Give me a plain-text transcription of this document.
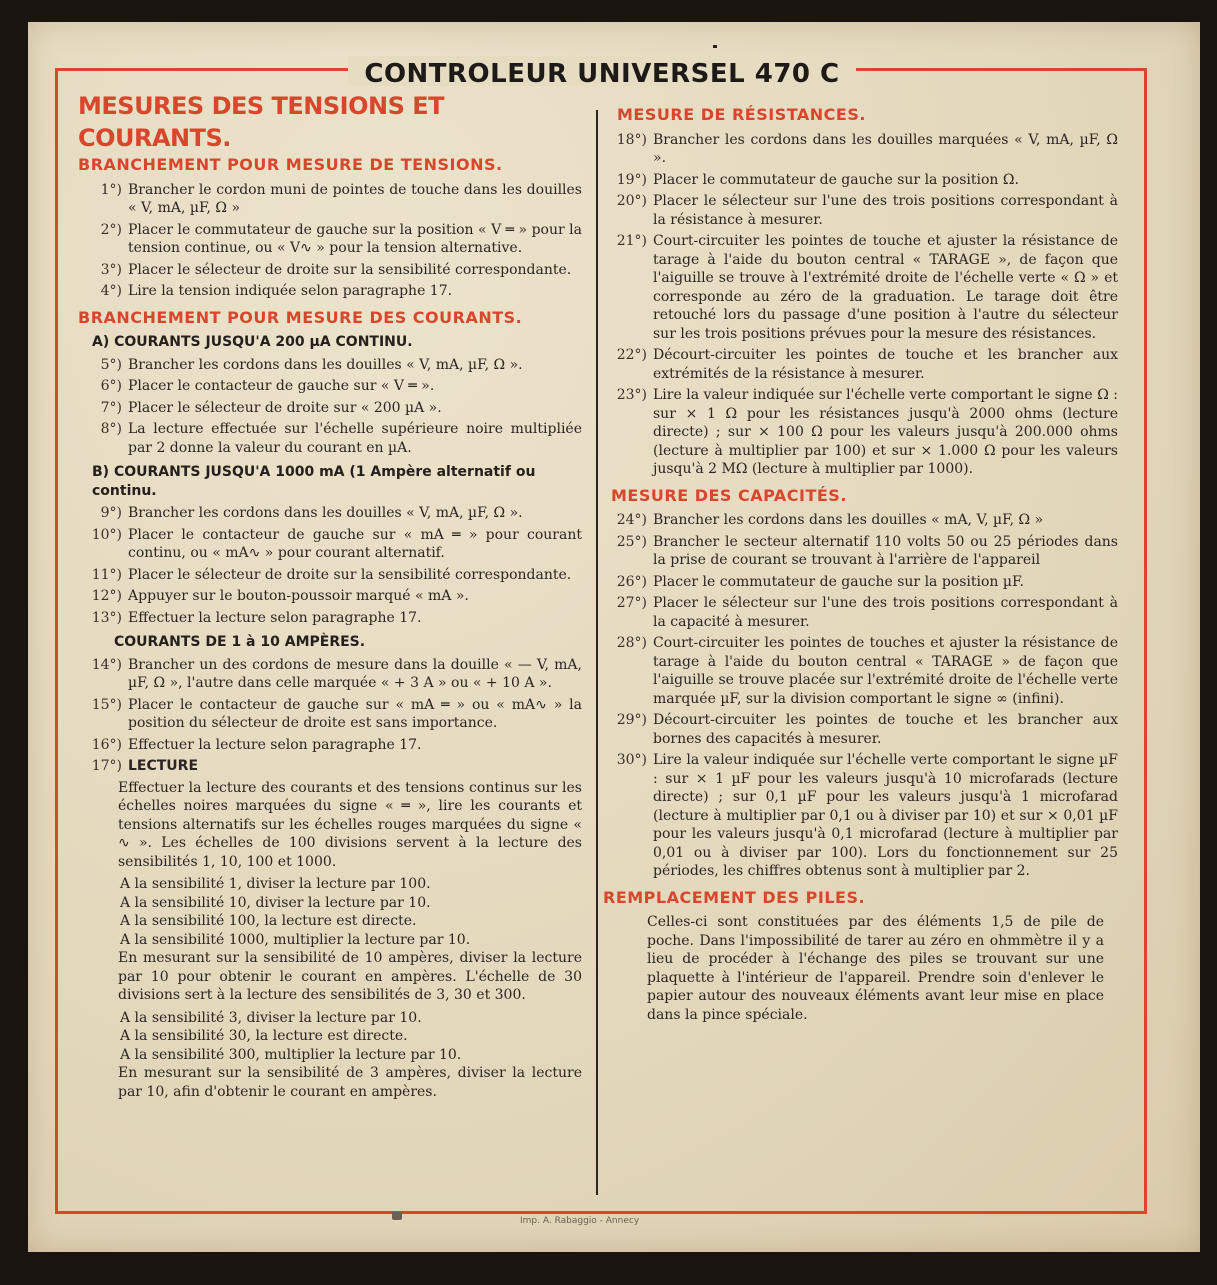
CONTROLEUR UNIVERSEL 470 C
MESURES DES TENSIONS ET COURANTS.
BRANCHEMENT POUR MESURE DE TENSIONS.
1°) Brancher le cordon muni de pointes de touche dans les douilles « V, mA, µF, Ω »
2°) Placer le commutateur de gauche sur la position « V ═ » pour la tension continue, ou « V∿ » pour la tension alternative.
3°) Placer le sélecteur de droite sur la sensibilité correspondante.
4°) Lire la tension indiquée selon paragraphe 17.
BRANCHEMENT POUR MESURE DES COURANTS.
A) COURANTS JUSQU'A 200 µA CONTINU.
5°) Brancher les cordons dans les douilles « V, mA, µF, Ω ».
6°) Placer le contacteur de gauche sur « V ═ ».
7°) Placer le sélecteur de droite sur « 200 µA ».
8°) La lecture effectuée sur l'échelle supérieure noire multipliée par 2 donne la valeur du courant en µA.
B) COURANTS JUSQU'A 1000 mA (1 Ampère alternatif ou continu.
9°) Brancher les cordons dans les douilles « V, mA, µF, Ω ».
10°) Placer le contacteur de gauche sur « mA ═ » pour courant continu, ou « mA∿ » pour courant alternatif.
11°) Placer le sélecteur de droite sur la sensibilité correspondante.
12°) Appuyer sur le bouton-poussoir marqué « mA ».
13°) Effectuer la lecture selon paragraphe 17.
COURANTS DE 1 à 10 AMPÈRES.
14°) Brancher un des cordons de mesure dans la douille « — V, mA, µF, Ω », l'autre dans celle marquée « + 3 A » ou « + 10 A ».
15°) Placer le contacteur de gauche sur « mA ═ » ou « mA∿ » la position du sélecteur de droite est sans importance.
16°) Effectuer la lecture selon paragraphe 17.
17°) LECTURE
Effectuer la lecture des courants et des tensions continus sur les échelles noires marquées du signe « ═ », lire les courants et tensions alternatifs sur les échelles rouges marquées du signe « ∿ ». Les échelles de 100 divisions servent à la lecture des sensibilités 1, 10, 100 et 1000.
A la sensibilité 1, diviser la lecture par 100.
A la sensibilité 10, diviser la lecture par 10.
A la sensibilité 100, la lecture est directe.
A la sensibilité 1000, multiplier la lecture par 10.
En mesurant sur la sensibilité de 10 ampères, diviser la lecture par 10 pour obtenir le courant en ampères. L'échelle de 30 divisions sert à la lecture des sensibilités de 3, 30 et 300.
A la sensibilité 3, diviser la lecture par 10.
A la sensibilité 30, la lecture est directe.
A la sensibilité 300, multiplier la lecture par 10.
En mesurant sur la sensibilité de 3 ampères, diviser la lecture par 10, afin d'obtenir le courant en ampères.
MESURE DE RÉSISTANCES.
18°) Brancher les cordons dans les douilles marquées « V, mA, µF, Ω ».
19°) Placer le commutateur de gauche sur la position Ω.
20°) Placer le sélecteur sur l'une des trois positions correspondant à la résistance à mesurer.
21°) Court-circuiter les pointes de touche et ajuster la résistance de tarage à l'aide du bouton central « TARAGE », de façon que l'aiguille se trouve à l'extrémité droite de l'échelle verte « Ω » et corresponde au zéro de la graduation. Le tarage doit être retouché lors du passage d'une position à l'autre du sélecteur sur les trois positions prévues pour la mesure des résistances.
22°) Décourt-circuiter les pointes de touche et les brancher aux extrémités de la résistance à mesurer.
23°) Lire la valeur indiquée sur l'échelle verte comportant le signe Ω : sur × 1 Ω pour les résistances jusqu'à 2000 ohms (lecture directe) ; sur × 100 Ω pour les valeurs jusqu'à 200.000 ohms (lecture à multiplier par 100) et sur × 1.000 Ω pour les valeurs jusqu'à 2 MΩ (lecture à multiplier par 1000).
MESURE DES CAPACITÉS.
24°) Brancher les cordons dans les douilles « mA, V, µF, Ω »
25°) Brancher le secteur alternatif 110 volts 50 ou 25 périodes dans la prise de courant se trouvant à l'arrière de l'appareil
26°) Placer le commutateur de gauche sur la position µF.
27°) Placer le sélecteur sur l'une des trois positions correspondant à la capacité à mesurer.
28°) Court-circuiter les pointes de touches et ajuster la résistance de tarage à l'aide du bouton central « TARAGE » de façon que l'aiguille se trouve placée sur l'extrémité droite de l'échelle verte marquée µF, sur la division comportant le signe ∞ (infini).
29°) Décourt-circuiter les pointes de touche et les brancher aux bornes des capacités à mesurer.
30°) Lire la valeur indiquée sur l'échelle verte comportant le signe µF : sur × 1 µF pour les valeurs jusqu'à 10 microfarads (lecture directe) ; sur 0,1 µF pour les valeurs jusqu'à 1 microfarad (lecture à multiplier par 0,1 ou à diviser par 10) et sur × 0,01 µF pour les valeurs jusqu'à 0,1 microfarad (lecture à multiplier par 0,01 ou à diviser par 100). Lors du fonctionnement sur 25 périodes, les chiffres obtenus sont à multiplier par 2.
REMPLACEMENT DES PILES.
Celles-ci sont constituées par des éléments 1,5 de pile de poche. Dans l'impossibilité de tarer au zéro en ohmmètre il y a lieu de procéder à l'échange des piles se trouvant sur une plaquette à l'intérieur de l'appareil. Prendre soin d'enlever le papier autour des nouveaux éléments avant leur mise en place dans la pince spéciale.
Imp. A. Rabaggio - Annecy
